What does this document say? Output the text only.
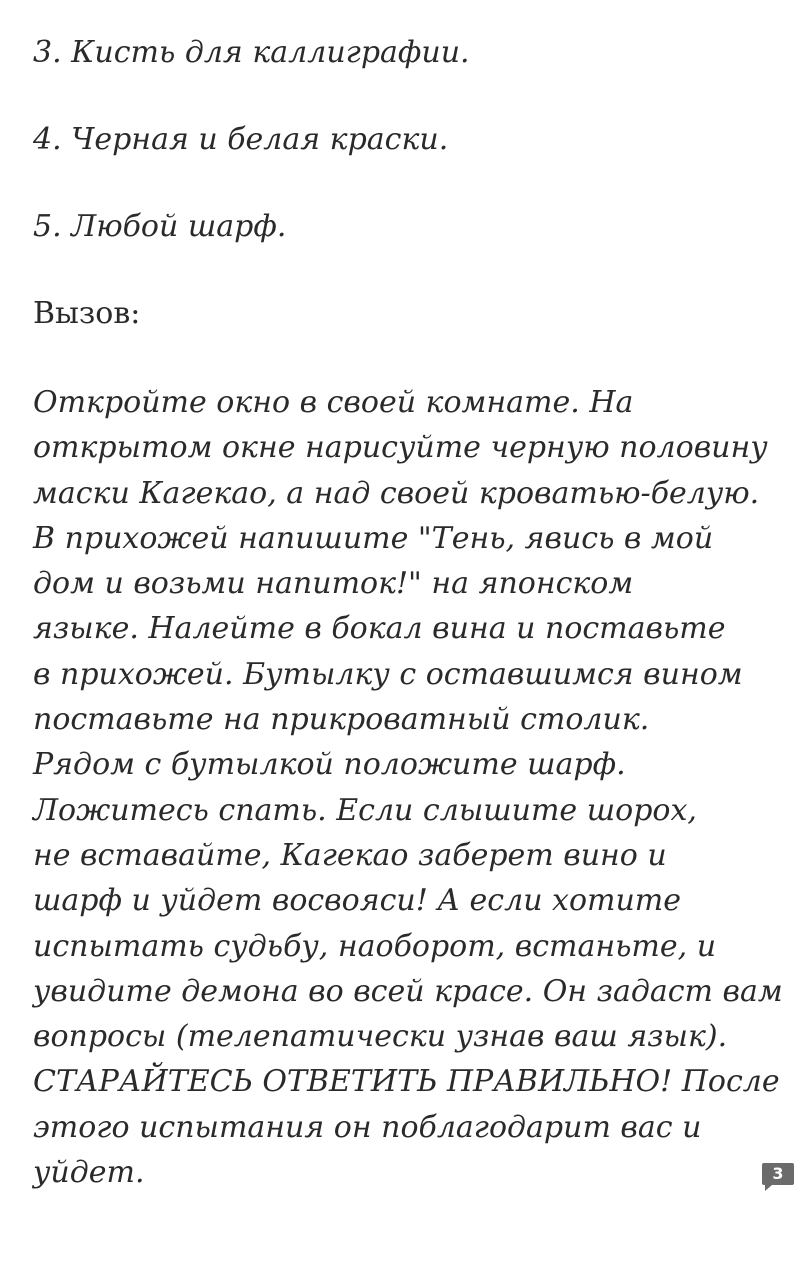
3. Кисть для каллиграфии.
4. Черная и белая краски.
5. Любой шарф.
Вызов:
Откройте окно в своей комнате. На
открытом окне нарисуйте черную половину
маски Кагекао, а над своей кроватью-белую.
В прихожей напишите "Тень, явись в мой
дом и возьми напиток!" на японском
языке. Налейте в бокал вина и поставьте
в прихожей. Бутылку с оставшимся вином
поставьте на прикроватный столик.
Рядом с бутылкой положите шарф.
Ложитесь спать. Если слышите шорох,
не вставайте, Кагекао заберет вино и
шарф и уйдет восвояси! А если хотите
испытать судьбу, наоборот, встаньте, и
увидите демона во всей красе. Он задаст вам
вопросы (телепатически узнав ваш язык).
СТАРАЙТЕСЬ ОТВЕТИТЬ ПРАВИЛЬНО! После
этого испытания он поблагодарит вас и
уйдет.	3
